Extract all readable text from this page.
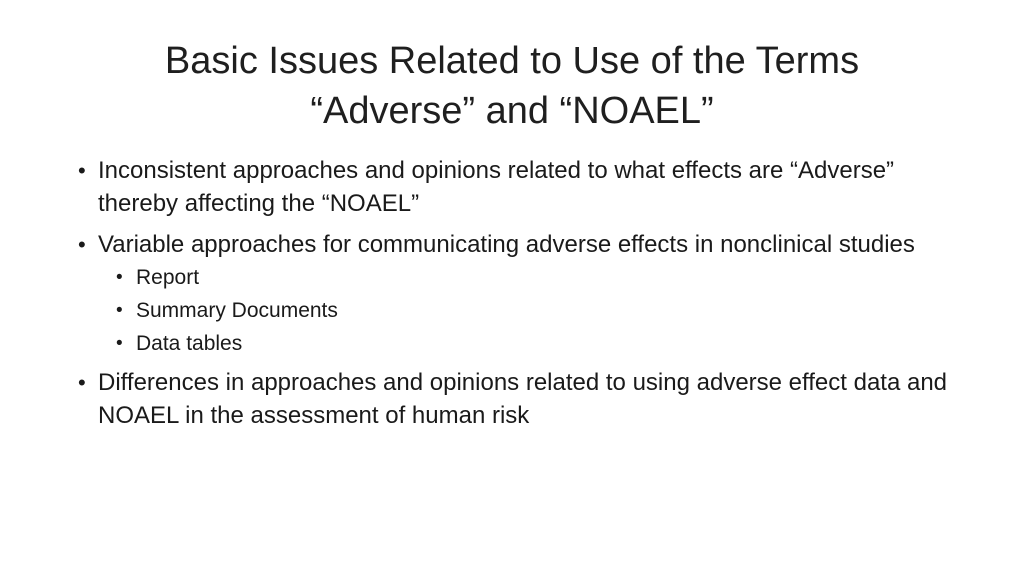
Basic Issues Related to Use of the Terms
“Adverse” and “NOAEL”
• Inconsistent approaches and opinions related to what effects are “Adverse” thereby affecting the “NOAEL”
• Variable approaches for communicating adverse effects in nonclinical studies
• Report
• Summary Documents
• Data tables
• Differences in approaches and opinions related to using adverse effect data and NOAEL in the assessment of human risk
